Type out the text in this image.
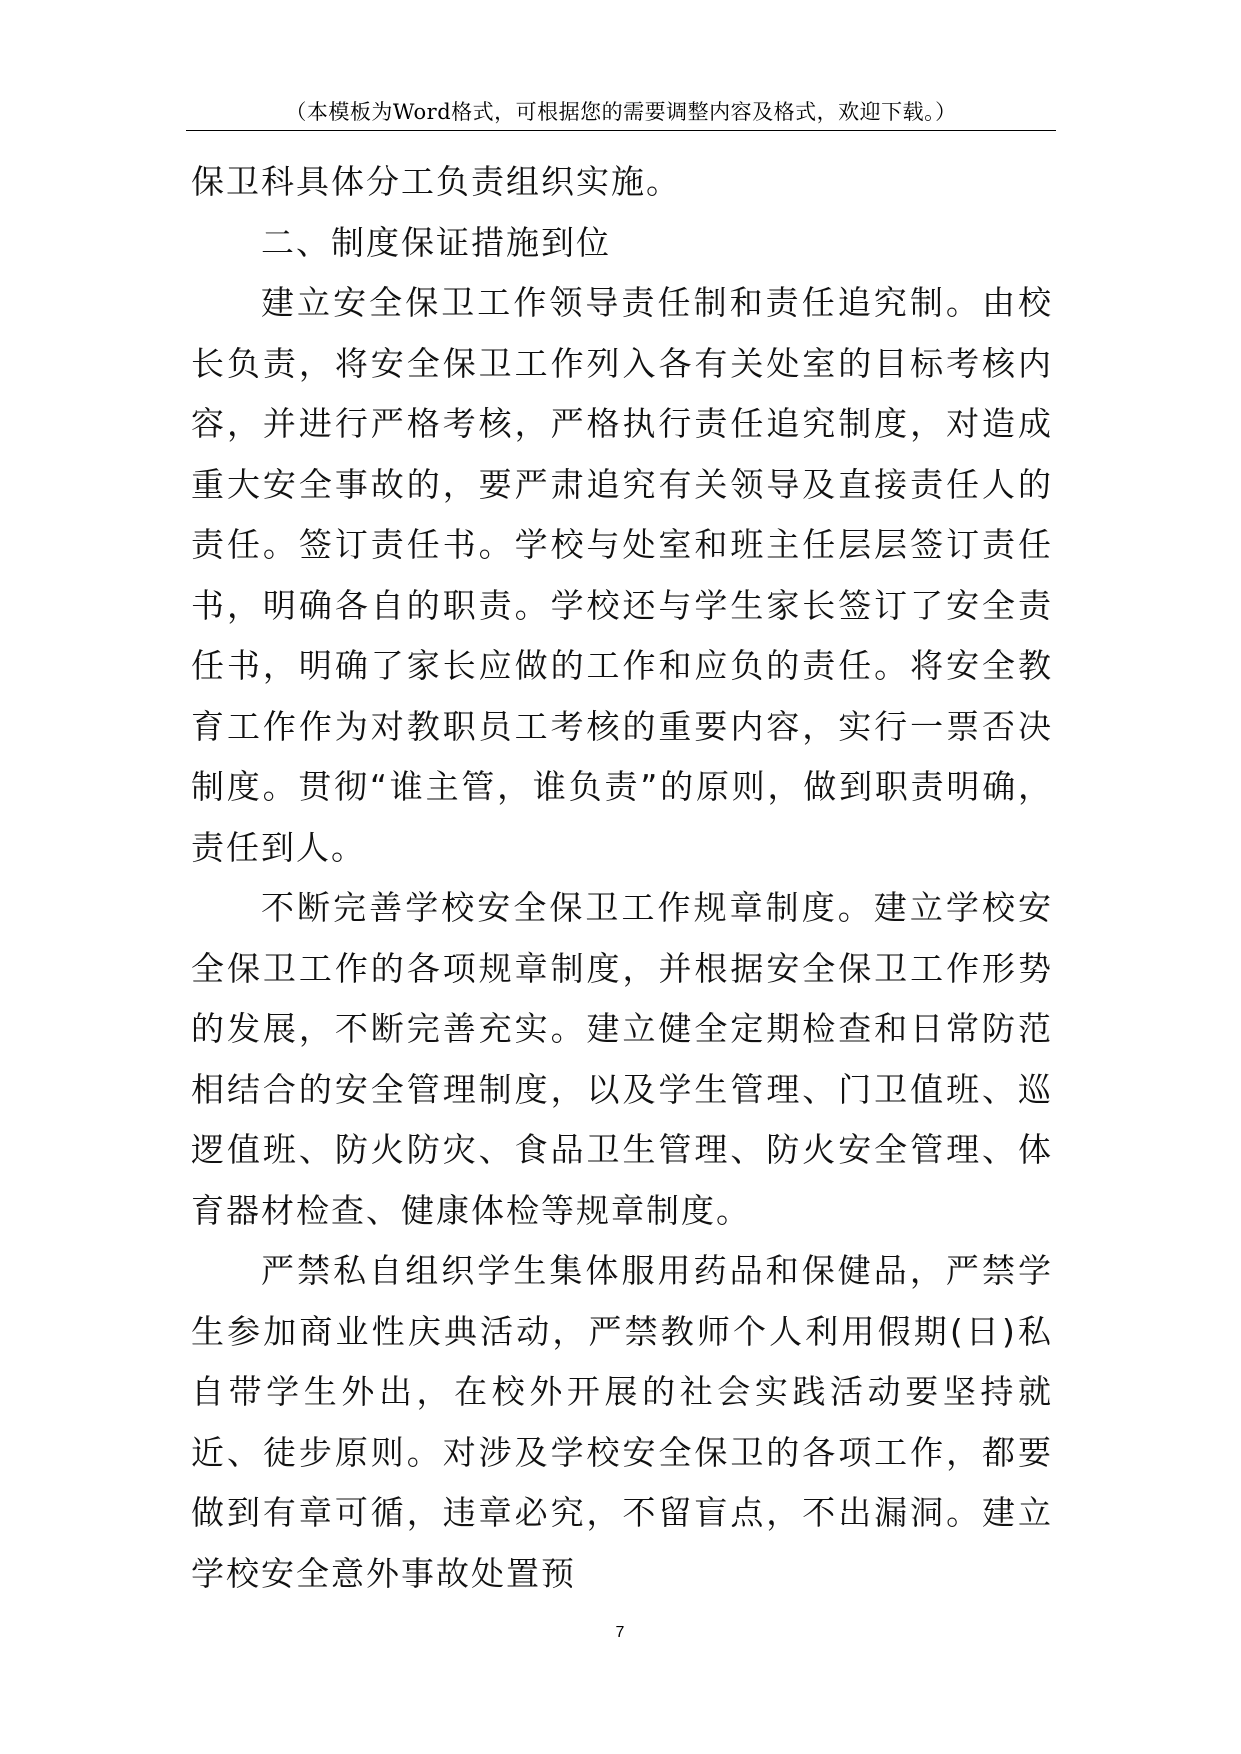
（本模板为Word格式，可根据您的需要调整内容及格式，欢迎下载。）

保卫科具体分工负责组织实施。

二、制度保证措施到位

建立安全保卫工作领导责任制和责任追究制。由校长负责，将安全保卫工作列入各有关处室的目标考核内容，并进行严格考核，严格执行责任追究制度，对造成重大安全事故的，要严肃追究有关领导及直接责任人的责任。签订责任书。学校与处室和班主任层层签订责任书，明确各自的职责。学校还与学生家长签订了安全责任书，明确了家长应做的工作和应负的责任。将安全教育工作作为对教职员工考核的重要内容，实行一票否决制度。贯彻“谁主管，谁负责”的原则，做到职责明确，责任到人。

不断完善学校安全保卫工作规章制度。建立学校安全保卫工作的各项规章制度，并根据安全保卫工作形势的发展，不断完善充实。建立健全定期检查和日常防范相结合的安全管理制度，以及学生管理、门卫值班、巡逻值班、防火防灾、食品卫生管理、防火安全管理、体育器材检查、健康体检等规章制度。

严禁私自组织学生集体服用药品和保健品，严禁学生参加商业性庆典活动，严禁教师个人利用假期(日)私自带学生外出，在校外开展的社会实践活动要坚持就近、徒步原则。对涉及学校安全保卫的各项工作，都要做到有章可循，违章必究，不留盲点，不出漏洞。建立学校安全意外事故处置预

7
